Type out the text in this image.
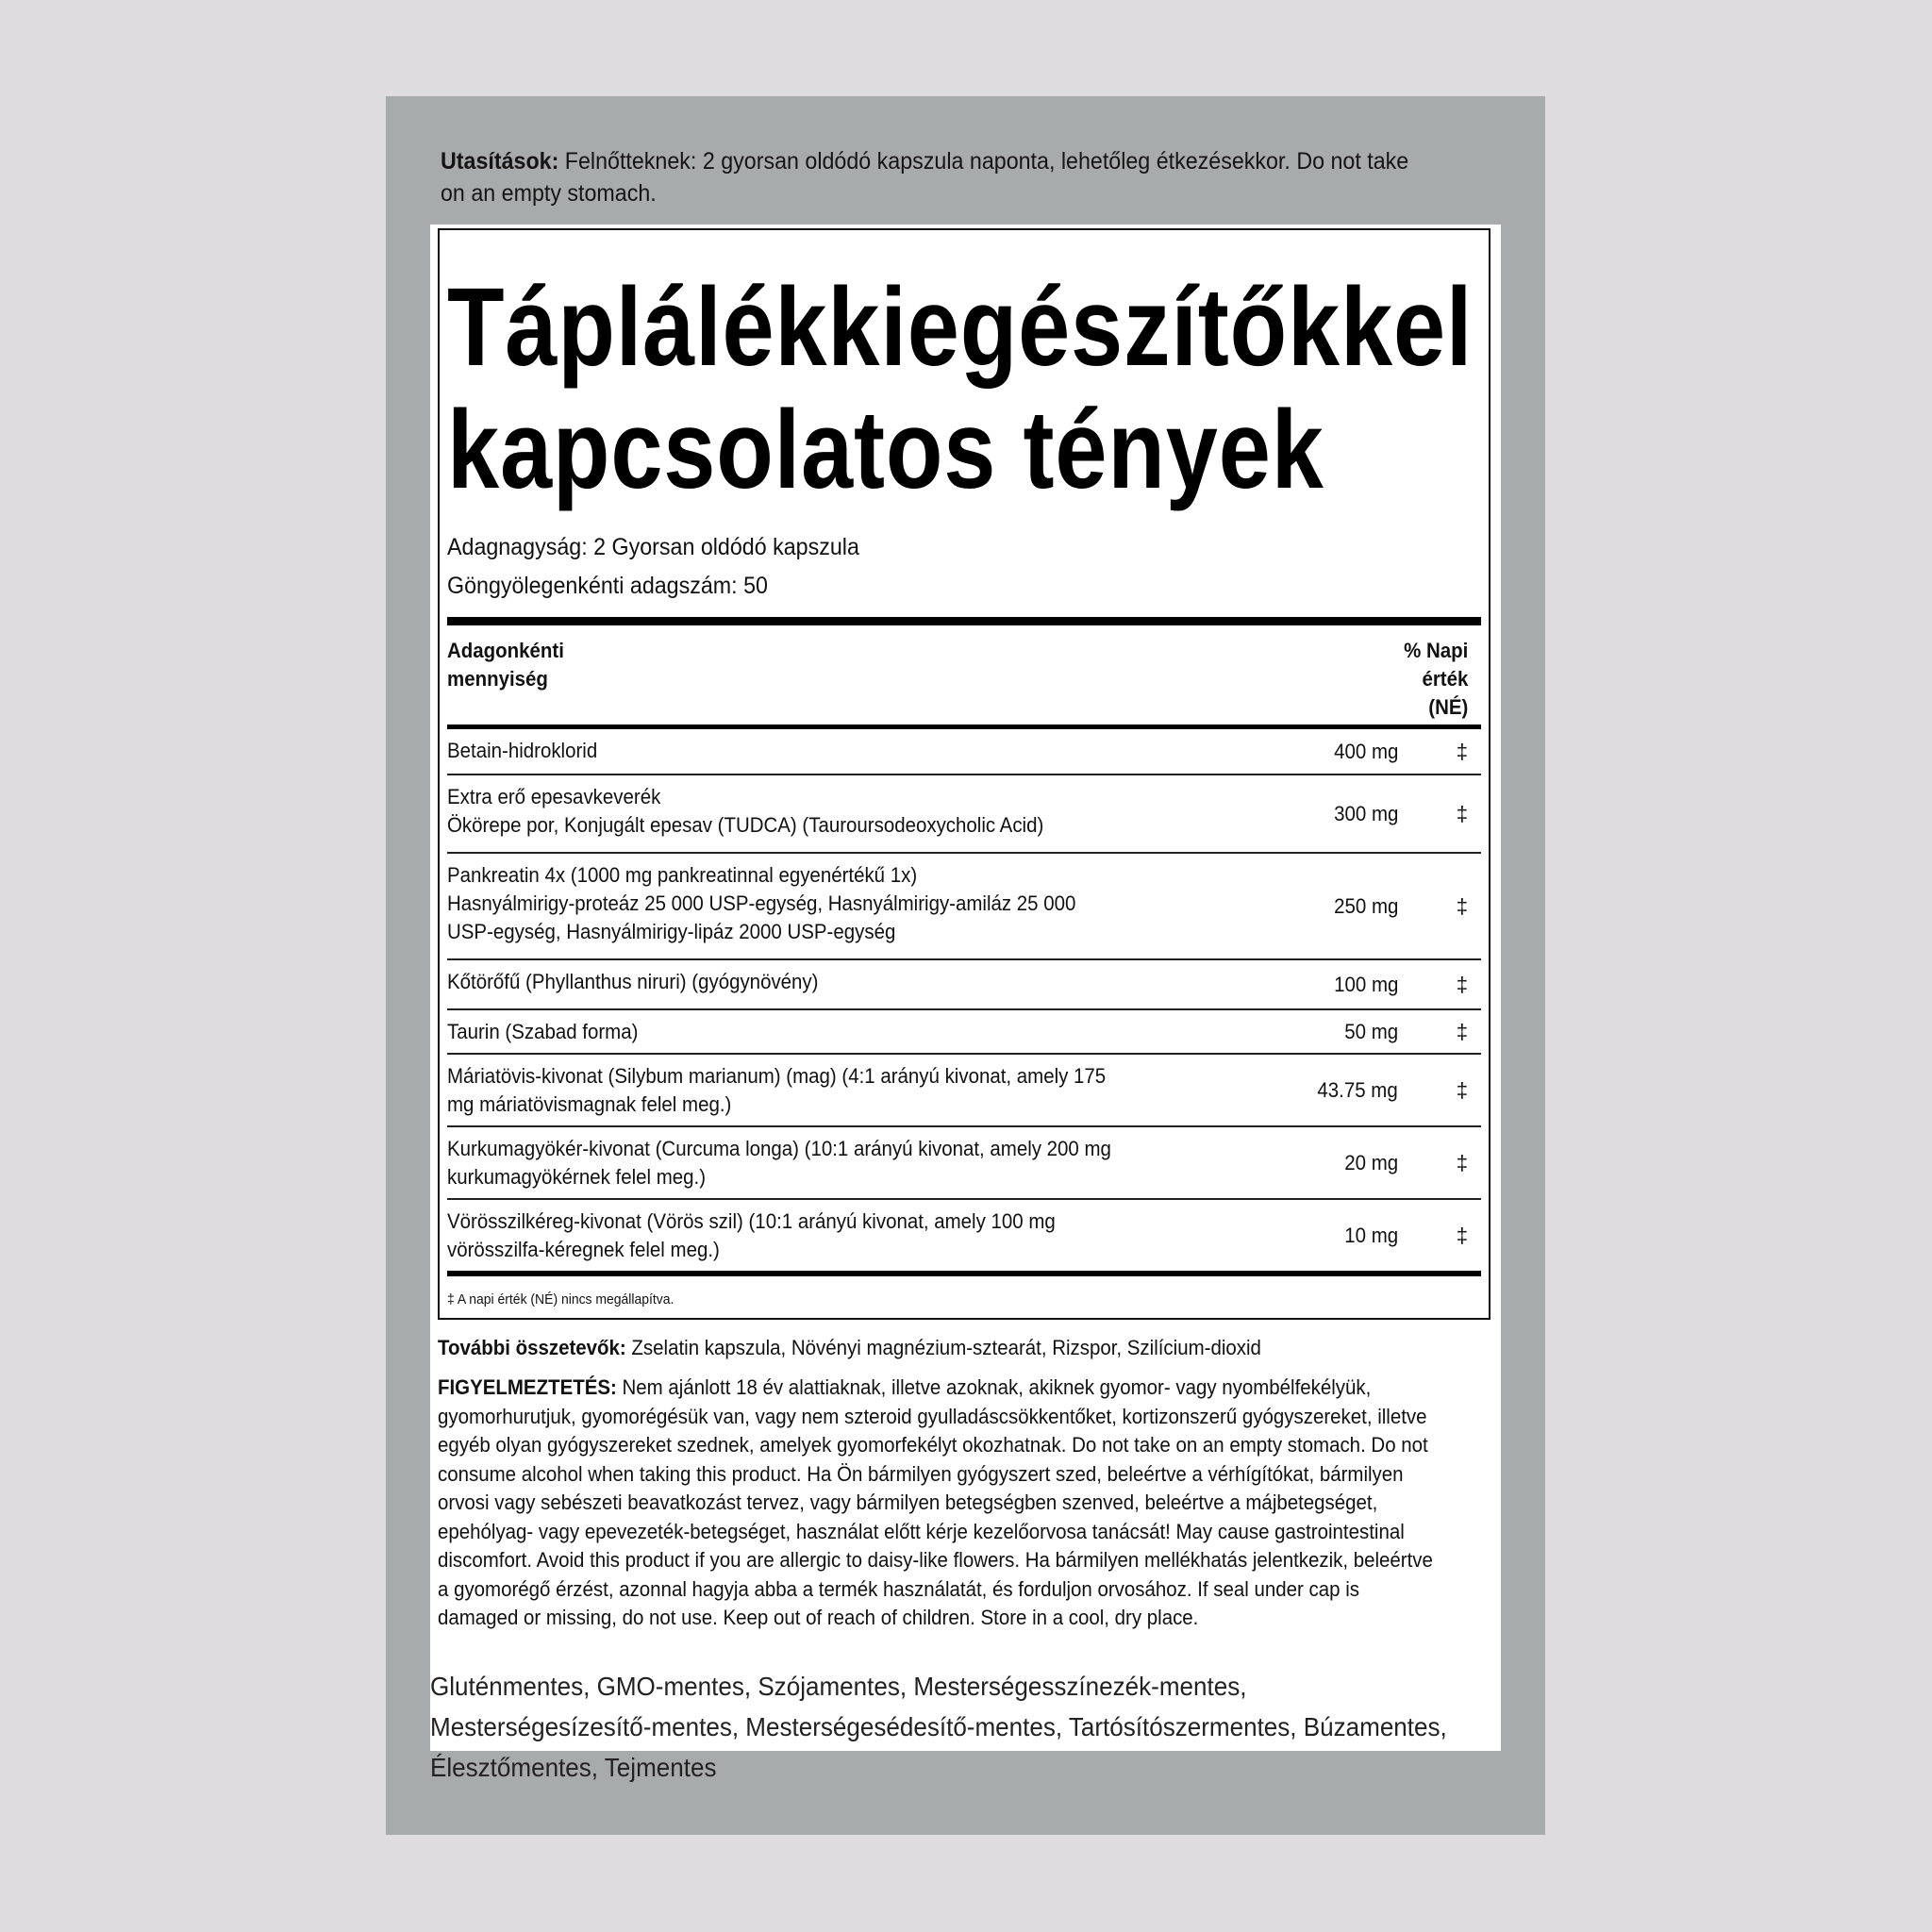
Utasítások: Felnőtteknek: 2 gyorsan oldódó kapszula naponta, lehetőleg étkezésekkor. Do not take on an empty stomach.
Táplálékkiegészítőkkel
kapcsolatos tények
Adagnagyság: 2 Gyorsan oldódó kapszula
Göngyölegenkénti adagszám: 50
Adagonkénti
mennyiség
% Napi
érték
(NÉ)
Betain-hidroklorid	400 mg	‡
Extra erő epesavkeverék
Ökörepe por, Konjugált epesav (TUDCA) (Tauroursodeoxycholic Acid)	300 mg	‡
Pankreatin 4x (1000 mg pankreatinnal egyenértékű 1x)
Hasnyálmirigy-proteáz 25 000 USP-egység, Hasnyálmirigy-amiláz 25 000 USP-egység, Hasnyálmirigy-lipáz 2000 USP-egység
250 mg	‡
Kőtörőfű (Phyllanthus niruri) (gyógynövény)	100 mg	‡
Taurin (Szabad forma)	50 mg	‡
Máriatövis-kivonat (Silybum marianum) (mag) (4:1 arányú kivonat, amely 175 mg máriatövismagnak felel meg.)
43.75 mg	‡
Kurkumagyökér-kivonat (Curcuma longa) (10:1 arányú kivonat, amely 200 mg kurkumagyökérnek felel meg.)
20 mg	‡
Vörösszilkéreg-kivonat (Vörös szil) (10:1 arányú kivonat, amely 100 mg vörösszilfa-kéregnek felel meg.)
10 mg	‡
‡ A napi érték (NÉ) nincs megállapítva.
További összetevők: Zselatin kapszula, Növényi magnézium-sztearát, Rizspor, Szilícium-dioxid
FIGYELMEZTETÉS: Nem ajánlott 18 év alattiaknak, illetve azoknak, akiknek gyomor- vagy nyombélfekélyük, gyomorhurutjuk, gyomorégésük van, vagy nem szteroid gyulladáscsökkentőket, kortizonszerű gyógyszereket, illetve egyéb olyan gyógyszereket szednek, amelyek gyomorfekélyt okozhatnak. Do not take on an empty stomach. Do not consume alcohol when taking this product. Ha Ön bármilyen gyógyszert szed, beleértve a vérhígítókat, bármilyen orvosi vagy sebészeti beavatkozást tervez, vagy bármilyen betegségben szenved, beleértve a májbetegséget, epehólyag- vagy epevezeték-betegséget, használat előtt kérje kezelőorvosa tanácsát! May cause gastrointestinal discomfort. Avoid this product if you are allergic to daisy-like flowers. Ha bármilyen mellékhatás jelentkezik, beleértve a gyomorégő érzést, azonnal hagyja abba a termék használatát, és forduljon orvosához. If seal under cap is damaged or missing, do not use. Keep out of reach of children. Store in a cool, dry place.
Gluténmentes, GMO-mentes, Szójamentes, Mesterségesszínezék-mentes, Mesterségesízesítő-mentes, Mesterségesédesítő-mentes, Tartósítószermentes, Búzamentes, Élesztőmentes, Tejmentes
